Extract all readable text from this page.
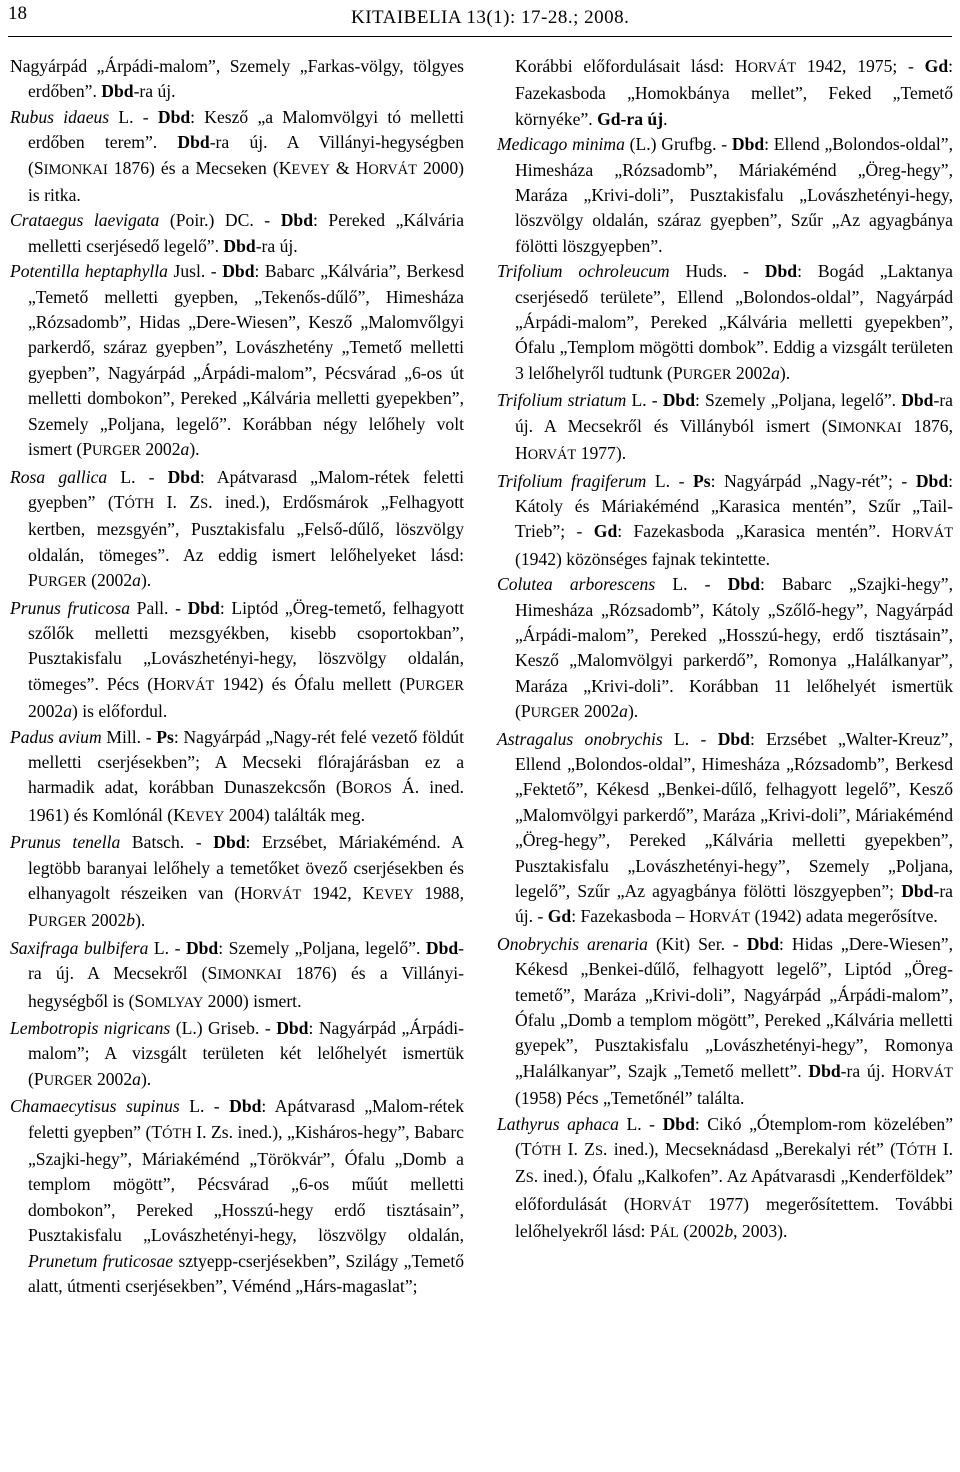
18	KITAIBELIA 13(1): 17-28.; 2008.

Nagyárpád „Árpádi-malom”, Szemely „Farkas-völgy, tölgyes erdőben”. Dbd-ra új.

Rubus idaeus L. - Dbd: Kesző „a Malomvölgyi tó melletti erdőben terem”. Dbd-ra új. A Villányi-hegységben (SIMONKAI 1876) és a Mecseken (KEVEY & HORVÁT 2000) is ritka.

Crataegus laevigata (Poir.) DC. - Dbd: Pereked „Kálvária melletti cserjésedő legelő”. Dbd-ra új.

Potentilla heptaphylla Jusl. - Dbd: Babarc „Kálvária”, Berkesd „Temető melletti gyepben, „Tekenős-dűlő”, Himesháza „Rózsadomb”, Hidas „Dere-Wiesen”, Kesző „Malomvőlgyi parkerdő, száraz gyepben”, Lovászhetény „Temető melletti gyepben”, Nagyárpád „Árpádi-malom”, Pécsvárad „6-os út melletti dombokon”, Pereked „Kálvária melletti gyepekben”, Szemely „Poljana, legelő”. Korábban négy lelőhely volt ismert (PURGER 2002a).

Rosa gallica L. - Dbd: Apátvarasd „Malom-rétek feletti gyepben” (TÓTH I. ZS. ined.), Erdősmárok „Felhagyott kertben, mezsgyén”, Pusztakisfalu „Felső-dűlő, löszvölgy oldalán, tömeges”. Az eddig ismert lelőhelyeket lásd: PURGER (2002a).

Prunus fruticosa Pall. - Dbd: Liptód „Öreg-temető, felhagyott szőlők melletti mezsgyékben, kisebb csoportokban”, Pusztakisfalu „Lovászhetényi-hegy, löszvölgy oldalán, tömeges”. Pécs (HORVÁT 1942) és Ófalu mellett (PURGER 2002a) is előfordul.

Padus avium Mill. - Ps: Nagyárpád „Nagy-rét felé vezető földút melletti cserjésekben”; A Mecseki flórajárásban ez a harmadik adat, korábban Dunaszekcsőn (BOROS Á. ined. 1961) és Komlónál (KEVEY 2004) találták meg.

Prunus tenella Batsch. - Dbd: Erzsébet, Máriakéménd. A legtöbb baranyai lelőhely a temetőket övező cserjésekben és elhanyagolt részeiken van (HORVÁT 1942, KEVEY 1988, PURGER 2002b).

Saxifraga bulbifera L. - Dbd: Szemely „Poljana, legelő”. Dbd-ra új. A Mecsekről (SIMONKAI 1876) és a Villányi-hegységből is (SOMLYAY 2000) ismert.

Lembotropis nigricans (L.) Griseb. - Dbd: Nagyárpád „Árpádi-malom”; A vizsgált területen két lelőhelyét ismertük (PURGER 2002a).

Chamaecytisus supinus L. - Dbd: Apátvarasd „Malom-rétek feletti gyepben” (TÓTH I. Zs. ined.), „Kisháros-hegy”, Babarc „Szajki-hegy”, Máriakéménd „Törökvár”, Ófalu „Domb a templom mögött”, Pécsvárad „6-os műút melletti dombokon”, Pereked „Hosszú-hegy erdő tisztásain”, Pusztakisfalu „Lovászhetényi-hegy, löszvölgy oldalán, Prunetum fruticosae sztyepp-cserjésekben”, Szilágy „Temető alatt, útmenti cserjésekben”, Véménd „Hárs-magaslat”;

Korábbi előfordulásait lásd: HORVÁT 1942, 1975; - Gd: Fazekasboda „Homokbánya mellet”, Feked „Temető környéke”. Gd-ra új.

Medicago minima (L.) Grufbg. - Dbd: Ellend „Bolondos-oldal”, Himesháza „Rózsadomb”, Máriakéménd „Öreg-hegy”, Maráza „Krivi-doli”, Pusztakisfalu „Lovászhetényi-hegy, löszvölgy oldalán, száraz gyepben”, Szűr „Az agyagbánya fölötti löszgyepben”.

Trifolium ochroleucum Huds. - Dbd: Bogád „Laktanya cserjésedő területe”, Ellend „Bolondos-oldal”, Nagyárpád „Árpádi-malom”, Pereked „Kálvária melletti gyepekben”, Ófalu „Templom mögötti dombok”. Eddig a vizsgált területen 3 lelőhelyről tudtunk (PURGER 2002a).

Trifolium striatum L. - Dbd: Szemely „Poljana, legelő”. Dbd-ra új. A Mecsekről és Villányból ismert (SIMONKAI 1876, HORVÁT 1977).

Trifolium fragiferum L. - Ps: Nagyárpád „Nagy-rét”; - Dbd: Kátoly és Máriakéménd „Karasica mentén”, Szűr „Tail-Trieb”; - Gd: Fazekasboda „Karasica mentén”. HORVÁT (1942) közönséges fajnak tekintette.

Colutea arborescens L. - Dbd: Babarc „Szajki-hegy”, Himesháza „Rózsadomb”, Kátoly „Szőlő-hegy”, Nagyárpád „Árpádi-malom”, Pereked „Hosszú-hegy, erdő tisztásain”, Kesző „Malomvölgyi parkerdő”, Romonya „Halálkanyar”, Maráza „Krivi-doli”. Korábban 11 lelőhelyét ismertük (PURGER 2002a).

Astragalus onobrychis L. - Dbd: Erzsébet „Walter-Kreuz”, Ellend „Bolondos-oldal”, Himesháza „Rózsadomb”, Berkesd „Fektető”, Kékesd „Benkei-dűlő, felhagyott legelő”, Kesző „Malomvölgyi parkerdő”, Maráza „Krivi-doli”, Máriakéménd „Öreg-hegy”, Pereked „Kálvária melletti gyepekben”, Pusztakisfalu „Lovászhetényi-hegy”, Szemely „Poljana, legelő”, Szűr „Az agyagbánya fölötti löszgyepben”; Dbd-ra új. - Gd: Fazekasboda – HORVÁT (1942) adata megerősítve.

Onobrychis arenaria (Kit) Ser. - Dbd: Hidas „Dere-Wiesen”, Kékesd „Benkei-dűlő, felhagyott legelő”, Liptód „Öreg-temető”, Maráza „Krivi-doli”, Nagyárpád „Árpádi-malom”, Ófalu „Domb a templom mögött”, Pereked „Kálvária melletti gyepek”, Pusztakisfalu „Lovászhetényi-hegy”, Romonya „Halálkanyar”, Szajk „Temető mellett”. Dbd-ra új. HORVÁT (1958) Pécs „Temetőnél” találta.

Lathyrus aphaca L. - Dbd: Cikó „Ótemplom-rom közelében” (TÓTH I. ZS. ined.), Mecseknádasd „Berekalyi rét” (TÓTH I. ZS. ined.), Ófalu „Kalkofen”. Az Apátvarasdi „Kenderföldek” előfordulását (HORVÁT 1977) megerősítettem. További lelőhelyekről lásd: PÁL (2002b, 2003).
